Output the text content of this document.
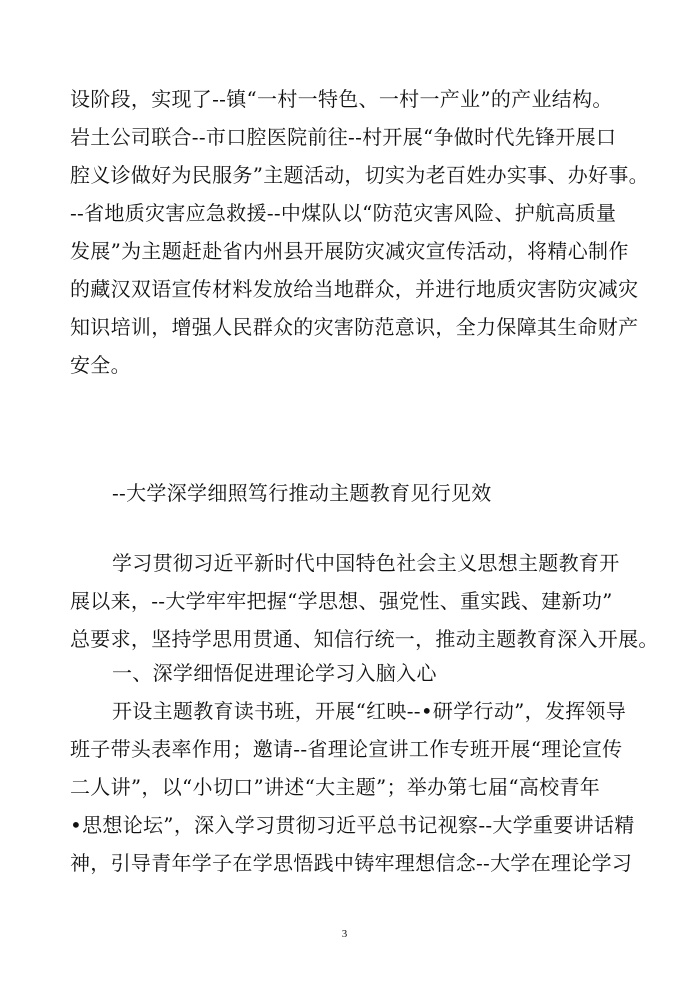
设阶段，实现了--镇“一村一特色、一村一产业”的产业结构。
岩土公司联合--市口腔医院前往--村开展“争做时代先锋开展口
腔义诊做好为民服务”主题活动，切实为老百姓办实事、办好事。
--省地质灾害应急救援--中煤队以“防范灾害风险、护航高质量
发展”为主题赶赴省内州县开展防灾减灾宣传活动，将精心制作
的藏汉双语宣传材料发放给当地群众，并进行地质灾害防灾减灾
知识培训，增强人民群众的灾害防范意识，全力保障其生命财产
安全。
--大学深学细照笃行推动主题教育见行见效
学习贯彻习近平新时代中国特色社会主义思想主题教育开
展以来，--大学牢牢把握“学思想、强党性、重实践、建新功”
总要求，坚持学思用贯通、知信行统一，推动主题教育深入开展。
一、深学细悟促进理论学习入脑入心
开设主题教育读书班，开展“红映--•研学行动”，发挥领导
班子带头表率作用；邀请--省理论宣讲工作专班开展“理论宣传
二人讲”，以“小切口”讲述“大主题”；举办第七届“高校青年
•思想论坛”，深入学习贯彻习近平总书记视察--大学重要讲话精
神，引导青年学子在学思悟践中铸牢理想信念--大学在理论学习
3
